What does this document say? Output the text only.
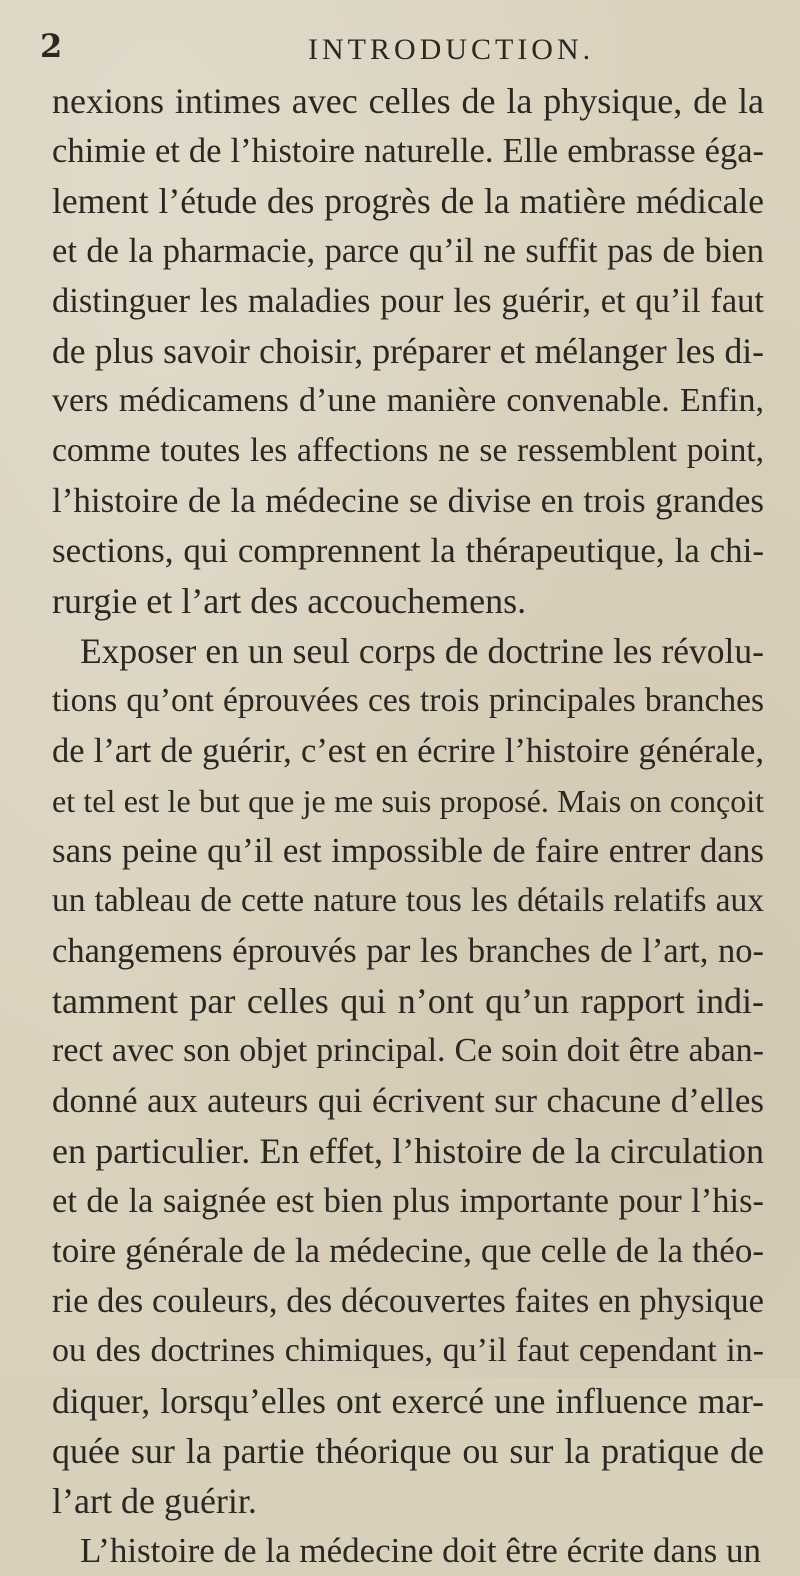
2	INTRODUCTION.
nexions intimes avec celles de la physique, de la
chimie et de l’histoire naturelle. Elle embrasse éga-
lement l’étude des progrès de la matière médicale
et de la pharmacie, parce qu’il ne suffit pas de bien
distinguer les maladies pour les guérir, et qu’il faut
de plus savoir choisir, préparer et mélanger les di-
vers médicamens d’une manière convenable. Enfin,
comme toutes les affections ne se ressemblent point,
l’histoire de la médecine se divise en trois grandes
sections, qui comprennent la thérapeutique, la chi-
rurgie et l’art des accouchemens.
Exposer en un seul corps de doctrine les révolu-
tions qu’ont éprouvées ces trois principales branches
de l’art de guérir, c’est en écrire l’histoire générale,
et tel est le but que je me suis proposé. Mais on conçoit
sans peine qu’il est impossible de faire entrer dans
un tableau de cette nature tous les détails relatifs aux
changemens éprouvés par les branches de l’art, no-
tamment par celles qui n’ont qu’un rapport indi-
rect avec son objet principal. Ce soin doit être aban-
donné aux auteurs qui écrivent sur chacune d’elles
en particulier. En effet, l’histoire de la circulation
et de la saignée est bien plus importante pour l’his-
toire générale de la médecine, que celle de la théo-
rie des couleurs, des découvertes faites en physique
ou des doctrines chimiques, qu’il faut cependant in-
diquer, lorsqu’elles ont exercé une influence mar-
quée sur la partie théorique ou sur la pratique de
l’art de guérir.
L’histoire de la médecine doit être écrite dans un
